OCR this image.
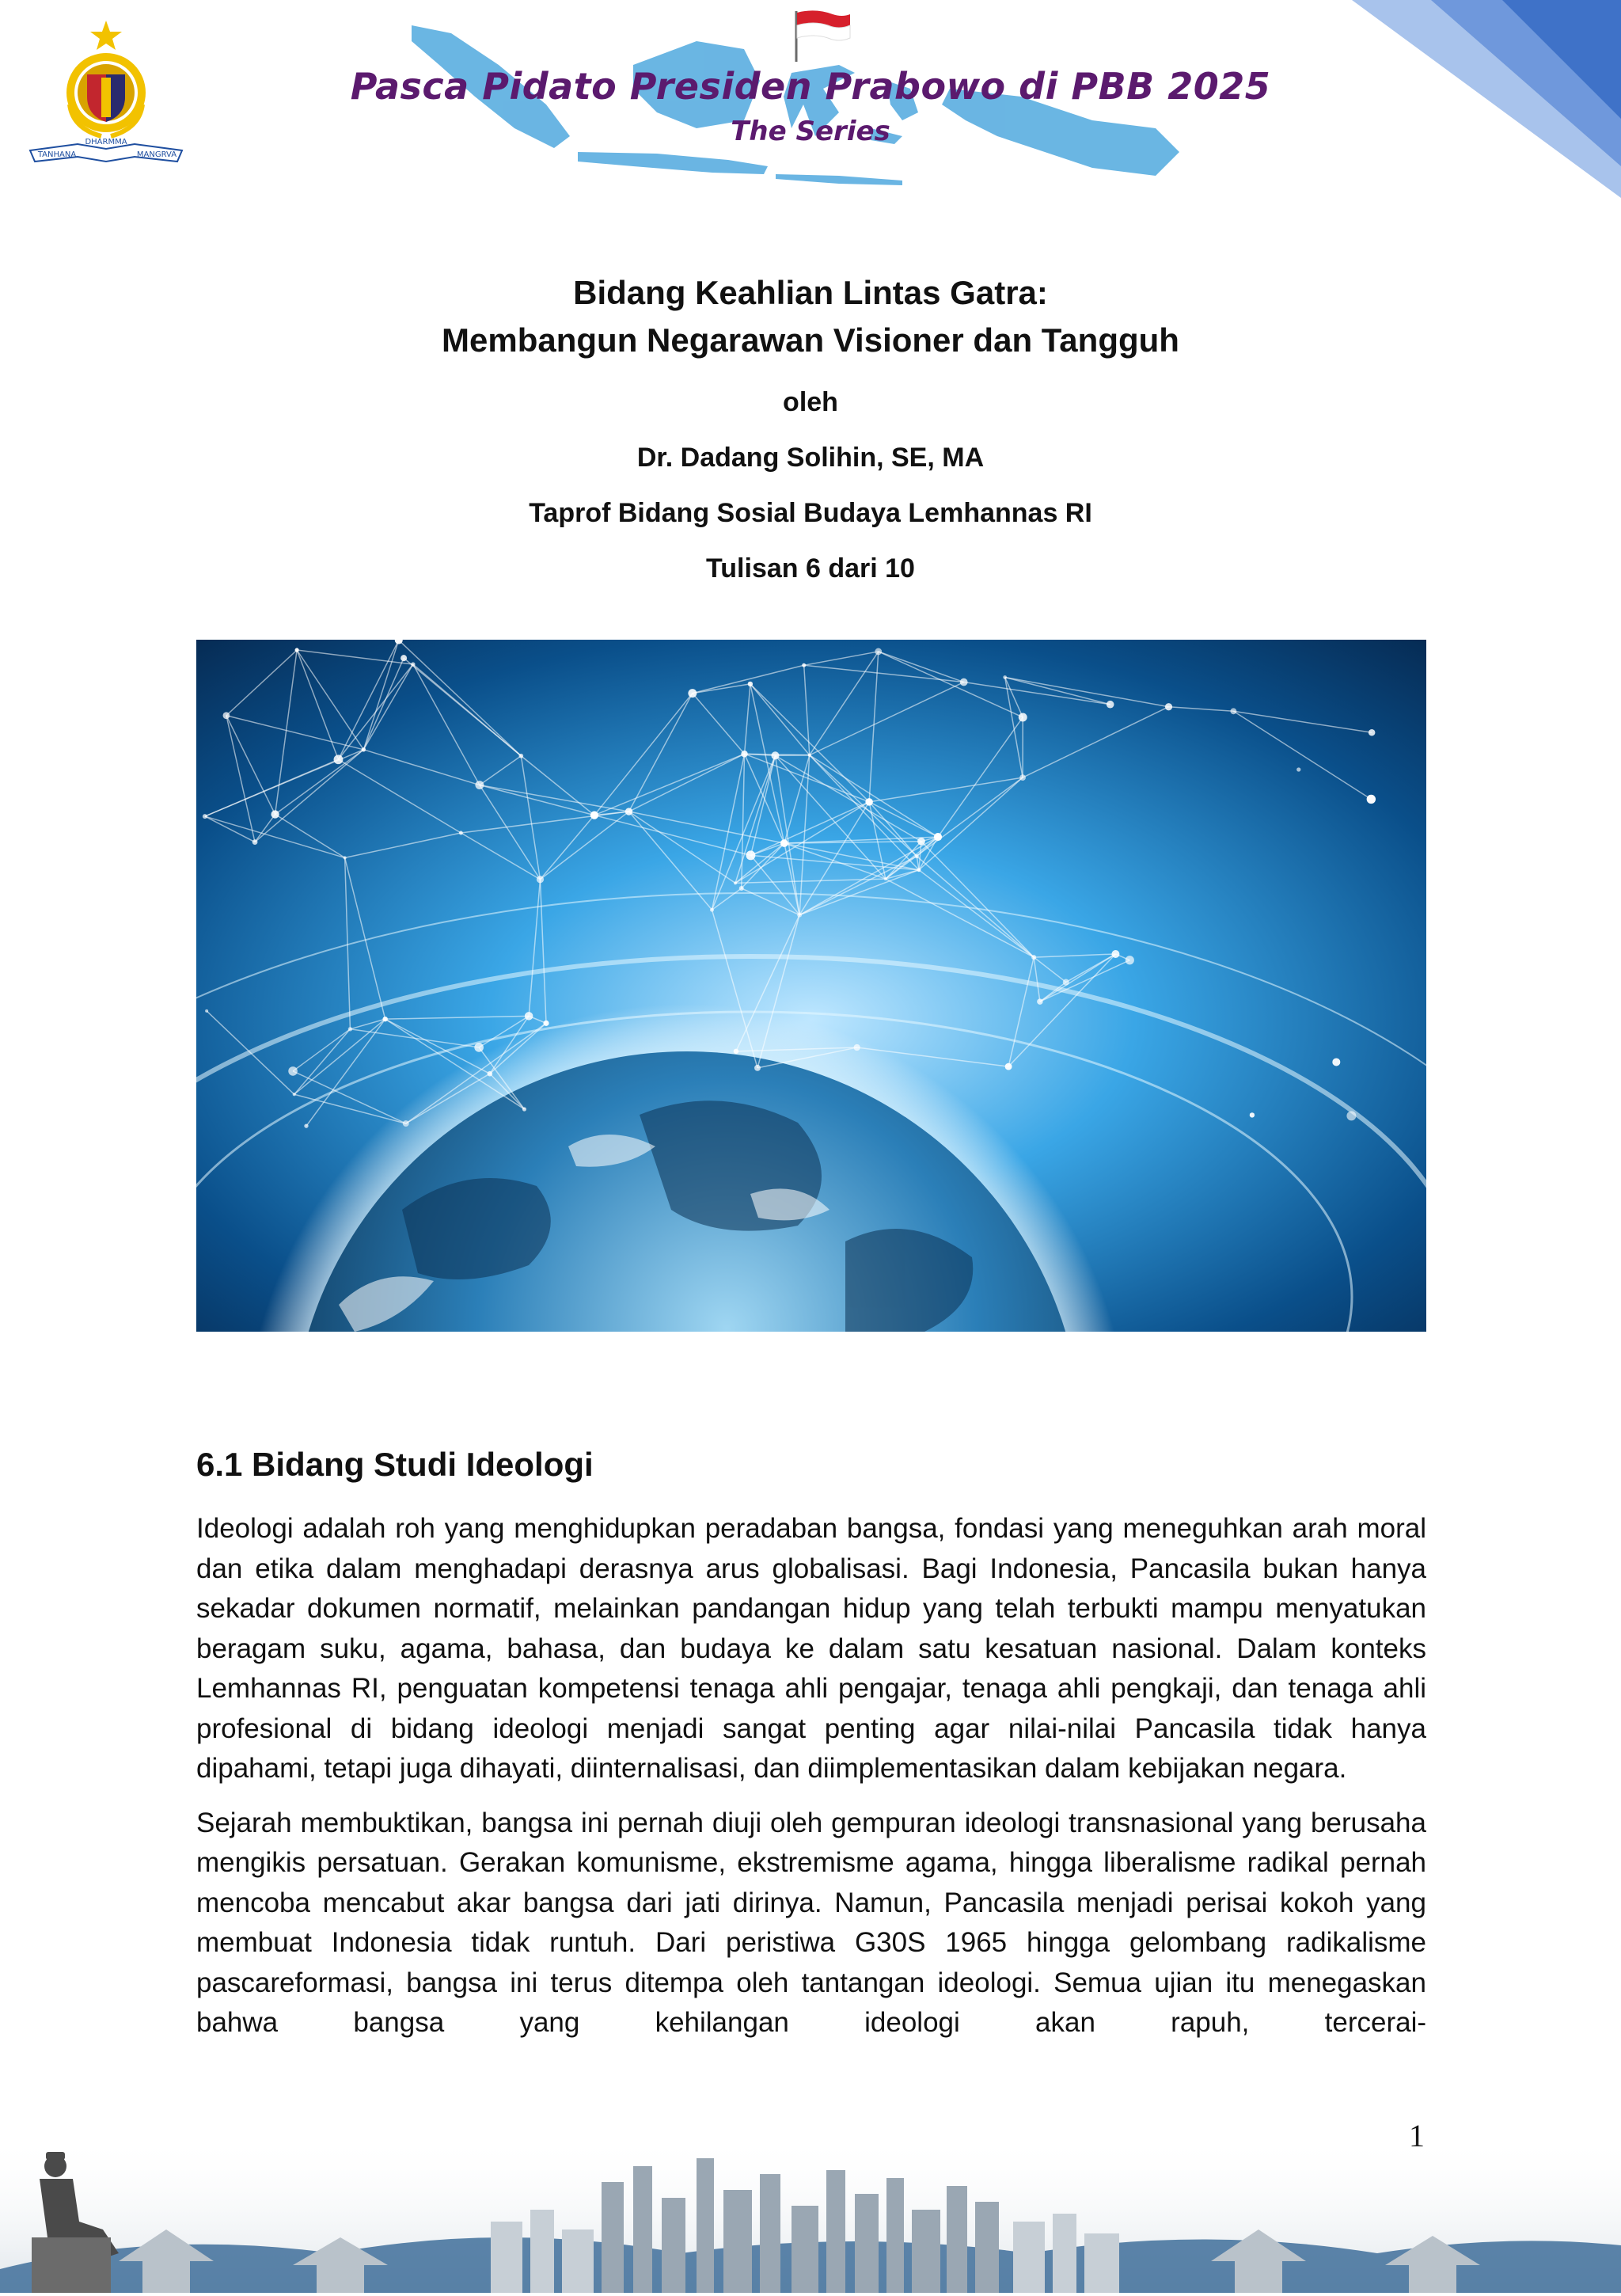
TANHANA
DHARMMA
MANGRVA
Pasca Pidato Presiden Prabowo di PBB 2025
The Series
Bidang Keahlian Lintas Gatra:
Membangun Negarawan Visioner dan Tangguh
oleh
Dr. Dadang Solihin, SE, MA
Taprof Bidang Sosial Budaya Lemhannas RI
Tulisan 6 dari 10
6.1 Bidang Studi Ideologi

Ideologi adalah roh yang menghidupkan peradaban bangsa, fondasi yang meneguhkan arah moral dan etika dalam menghadapi derasnya arus globalisasi. Bagi Indonesia, Pancasila bukan hanya sekadar dokumen normatif, melainkan pandangan hidup yang telah terbukti mampu menyatukan beragam suku, agama, bahasa, dan budaya ke dalam satu kesatuan nasional. Dalam konteks Lemhannas RI, penguatan kompetensi tenaga ahli pengajar, tenaga ahli pengkaji, dan tenaga ahli profesional di bidang ideologi menjadi sangat penting agar nilai-nilai Pancasila tidak hanya dipahami, tetapi juga dihayati, diinternalisasi, dan diimplementasikan dalam kebijakan negara.

Sejarah membuktikan, bangsa ini pernah diuji oleh gempuran ideologi transnasional yang berusaha mengikis persatuan. Gerakan komunisme, ekstremisme agama, hingga liberalisme radikal pernah mencoba mencabut akar bangsa dari jati dirinya. Namun, Pancasila menjadi perisai kokoh yang membuat Indonesia tidak runtuh. Dari peristiwa G30S 1965 hingga gelombang radikalisme pascareformasi, bangsa ini terus ditempa oleh tantangan ideologi. Semua ujian itu menegaskan bahwa bangsa yang kehilangan ideologi akan rapuh, tercerai-
